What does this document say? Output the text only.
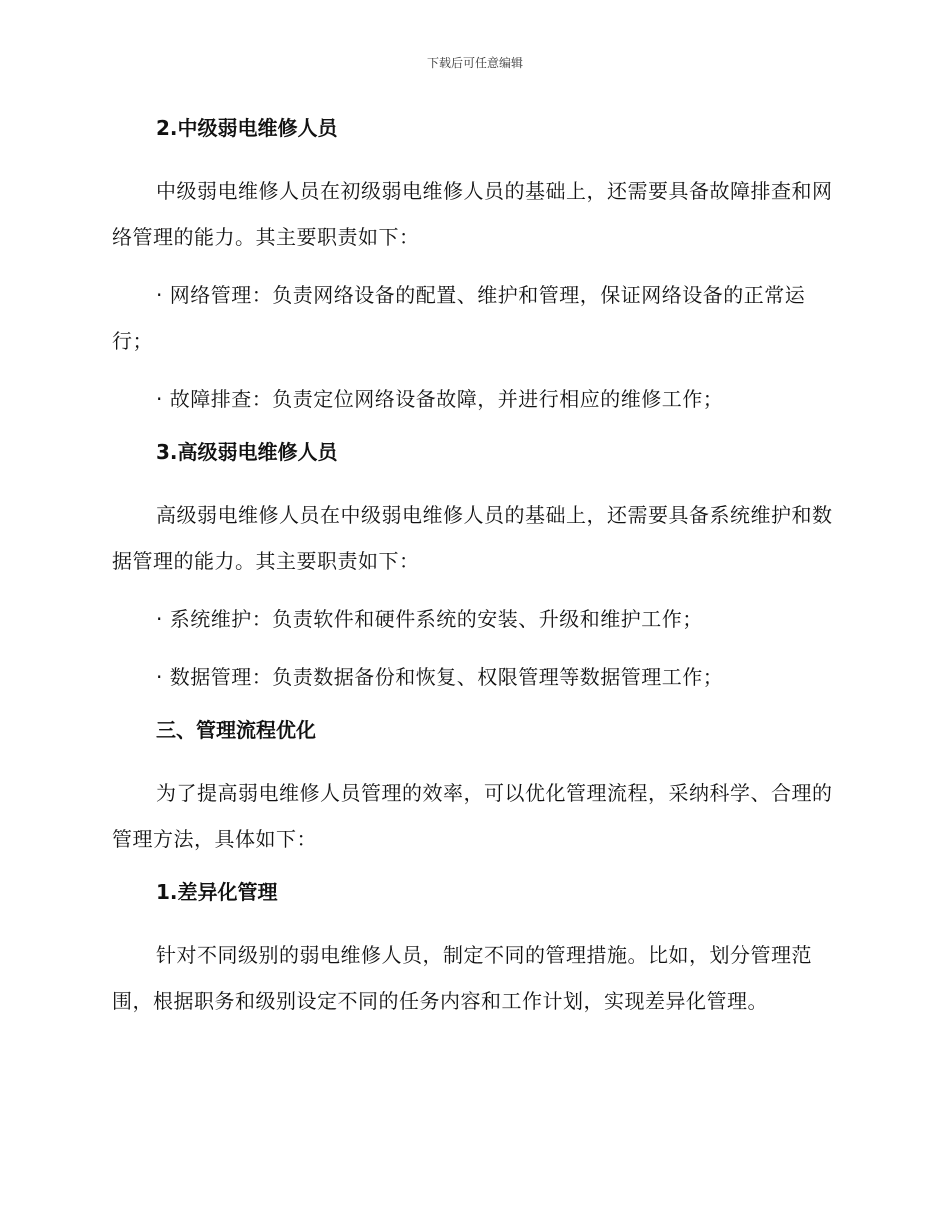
下载后可任意编辑
2.中级弱电维修人员
中级弱电维修人员在初级弱电维修人员的基础上，还需要具备故障排查和网络管理的能力。其主要职责如下：
· 网络管理：负责网络设备的配置、维护和管理，保证网络设备的正常运行；
· 故障排查：负责定位网络设备故障，并进行相应的维修工作；
3.高级弱电维修人员
高级弱电维修人员在中级弱电维修人员的基础上，还需要具备系统维护和数据管理的能力。其主要职责如下：
· 系统维护：负责软件和硬件系统的安装、升级和维护工作；
· 数据管理：负责数据备份和恢复、权限管理等数据管理工作；
三、管理流程优化
为了提高弱电维修人员管理的效率，可以优化管理流程，采纳科学、合理的管理方法，具体如下：
1.差异化管理
针对不同级别的弱电维修人员，制定不同的管理措施。比如，划分管理范围，根据职务和级别设定不同的任务内容和工作计划，实现差异化管理。
